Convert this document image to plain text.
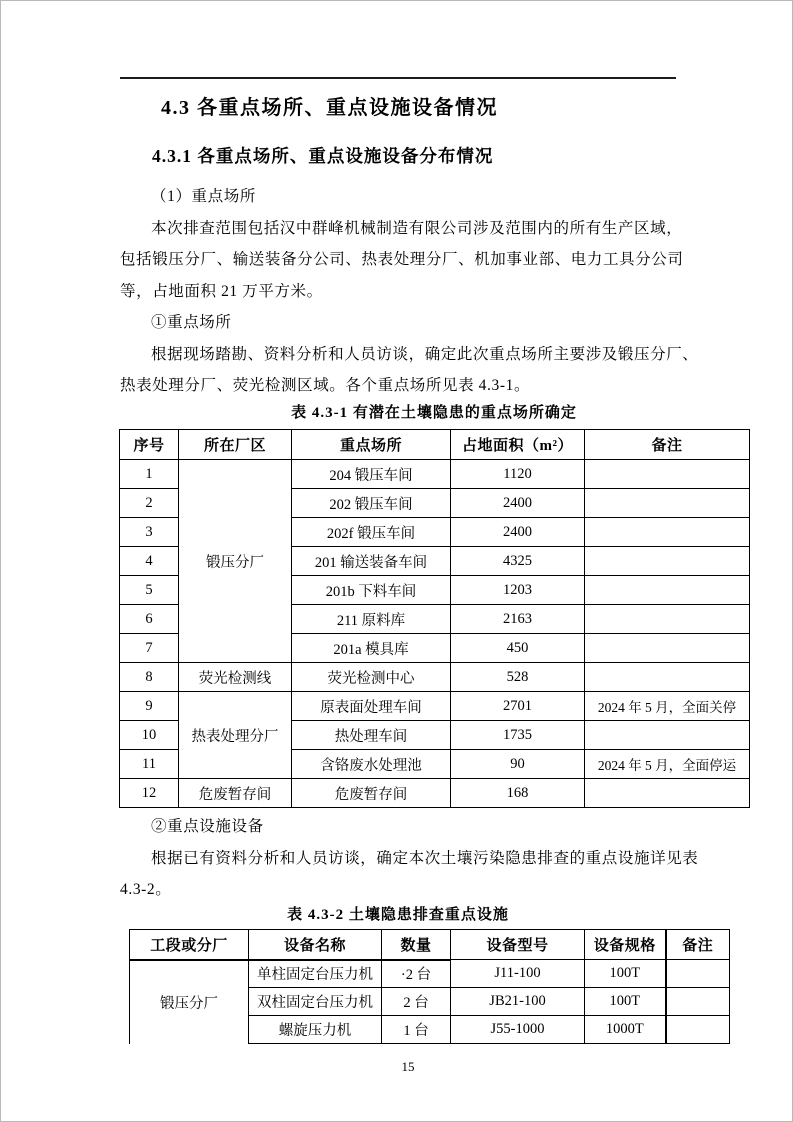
4.3 各重点场所、重点设施设备情况
4.3.1 各重点场所、重点设施设备分布情况
（1）重点场所
本次排查范围包括汉中群峰机械制造有限公司涉及范围内的所有生产区域，
包括锻压分厂、输送装备分公司、热表处理分厂、机加事业部、电力工具分公司
等，占地面积 21 万平方米。
①重点场所
根据现场踏勘、资料分析和人员访谈，确定此次重点场所主要涉及锻压分厂、
热表处理分厂、荧光检测区域。各个重点场所见表 4.3-1。
表 4.3-1 有潜在土壤隐患的重点场所确定
序号	所在厂区	重点场所	占地面积（m²）	备注
1	锻压分厂	204 锻压车间	1120	
2		202 锻压车间	2400	
3		202f 锻压车间	2400	
4		201 输送装备车间	4325	
5		201b 下料车间	1203	
6		211 原料库	2163	
7		201a 模具库	450	
8	荧光检测线	荧光检测中心	528	
9	热表处理分厂	原表面处理车间	2701	2024 年 5 月，全面关停
10		热处理车间	1735	
11		含铬废水处理池	90	2024 年 5 月，全面停运
12	危废暂存间	危废暂存间	168	
②重点设施设备
根据已有资料分析和人员访谈，确定本次土壤污染隐患排查的重点设施详见表
4.3-2。
表 4.3-2 土壤隐患排查重点设施
工段或分厂	设备名称	数量	设备型号	设备规格	备注
锻压分厂	单柱固定台压力机	·2 台	J11-100	100T	
	双柱固定台压力机	2 台	JB21-100	100T	
	螺旋压力机	1 台	J55-1000	1000T	
15
